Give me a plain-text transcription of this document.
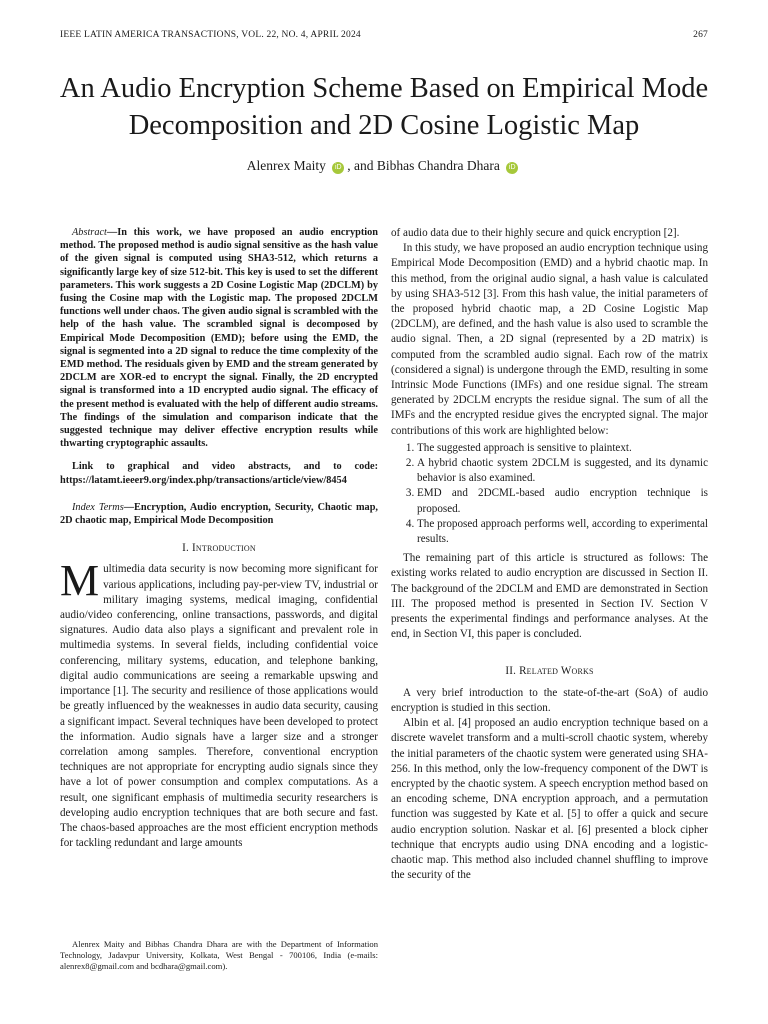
IEEE LATIN AMERICA TRANSACTIONS, VOL. 22, NO. 4, APRIL 2024	267
An Audio Encryption Scheme Based on Empirical Mode Decomposition and 2D Cosine Logistic Map
Alenrex Maity iD , and Bibhas Chandra Dhara iD

Abstract—In this work, we have proposed an audio encryption method. The proposed method is audio signal sensitive as the hash value of the given signal is computed using SHA3-512, which returns a significantly large key of size 512-bit. This key is used to set the different parameters. This work suggests a 2D Cosine Logistic Map (2DCLM) by fusing the Cosine map with the Logistic map. The proposed 2DCLM functions well under chaos. The given audio signal is scrambled with the help of the hash value. The scrambled signal is decomposed by Empirical Mode Decomposition (EMD); before using the EMD, the signal is segmented into a 2D signal to reduce the time complexity of the EMD method. The residuals given by EMD and the stream generated by 2DCLM are XOR-ed to encrypt the signal. Finally, the 2D encrypted signal is transformed into a 1D encrypted audio signal. The efficacy of the present method is evaluated with the help of different audio streams. The findings of the simulation and comparison indicate that the suggested technique may deliver effective encryption results while thwarting cryptographic assaults.

Link to graphical and video abstracts, and to code: https://latamt.ieeer9.org/index.php/transactions/article/view/8454

Index Terms—Encryption, Audio encryption, Security, Chaotic map, 2D chaotic map, Empirical Mode Decomposition

I. Introduction

Multimedia data security is now becoming more significant for various applications, including pay-per-view TV, industrial or military imaging systems, medical imaging, confidential audio/video conferencing, online transactions, passwords, and digital signatures. Audio data also plays a significant and prevalent role in multimedia systems. In several fields, including confidential voice conferencing, military systems, education, and telephone banking, digital audio communications are seeing a remarkable upswing and importance [1]. The security and resilience of those applications would be greatly influenced by the weaknesses in audio data security, causing a significant impact. Several techniques have been developed to protect the information. Audio signals have a larger size and a stronger correlation among samples. Therefore, conventional encryption techniques are not appropriate for encrypting audio signals since they have a lot of power consumption and complex computations. As a result, one significant emphasis of multimedia security researchers is developing audio encryption techniques that are both secure and fast. The chaos-based approaches are the most efficient encryption methods for tackling redundant and large amounts

of audio data due to their highly secure and quick encryption [2].

In this study, we have proposed an audio encryption technique using Empirical Mode Decomposition (EMD) and a hybrid chaotic map. In this method, from the original audio signal, a hash value is calculated by using SHA3-512 [3]. From this hash value, the initial parameters of the proposed hybrid chaotic map, a 2D Cosine Logistic Map (2DCLM), are defined, and the hash value is also used to scramble the audio signal. Then, a 2D signal (represented by a 2D matrix) is computed from the scrambled audio signal. Each row of the matrix (considered a signal) is undergone through the EMD, resulting in some Intrinsic Mode Functions (IMFs) and one residue signal. The stream generated by 2DCLM encrypts the residue signal. The sum of all the IMFs and the encrypted residue gives the encrypted signal. The major contributions of this work are highlighted below:

1. The suggested approach is sensitive to plaintext.
2. A hybrid chaotic system 2DCLM is suggested, and its dynamic behavior is also examined.
3. EMD and 2DCML-based audio encryption technique is proposed.
4. The proposed approach performs well, according to experimental results.

The remaining part of this article is structured as follows: The existing works related to audio encryption are discussed in Section II. The background of the 2DCLM and EMD are demonstrated in Section III. The proposed method is presented in Section IV. Section V presents the experimental findings and performance analyses. At the end, in Section VI, this paper is concluded.

II. Related Works

A very brief introduction to the state-of-the-art (SoA) of audio encryption is studied in this section.

Albin et al. [4] proposed an audio encryption technique based on a discrete wavelet transform and a multi-scroll chaotic system, whereby the initial parameters of the chaotic system were generated using SHA-256. In this method, only the low-frequency component of the DWT is encrypted by the chaotic system. A speech encryption method based on an encoding scheme, DNA encryption approach, and a permutation function was suggested by Kate et al. [5] to offer a quick and secure audio encryption solution. Naskar et al. [6] presented a block cipher technique that encrypts audio using DNA encoding and a logistic-chaotic map. This method also included channel shuffling to improve the security of the

Alenrex Maity and Bibhas Chandra Dhara are with the Department of Information Technology, Jadavpur University, Kolkata, West Bengal - 700106, India (e-mails: alenrex8@gmail.com and bcdhara@gmail.com).
